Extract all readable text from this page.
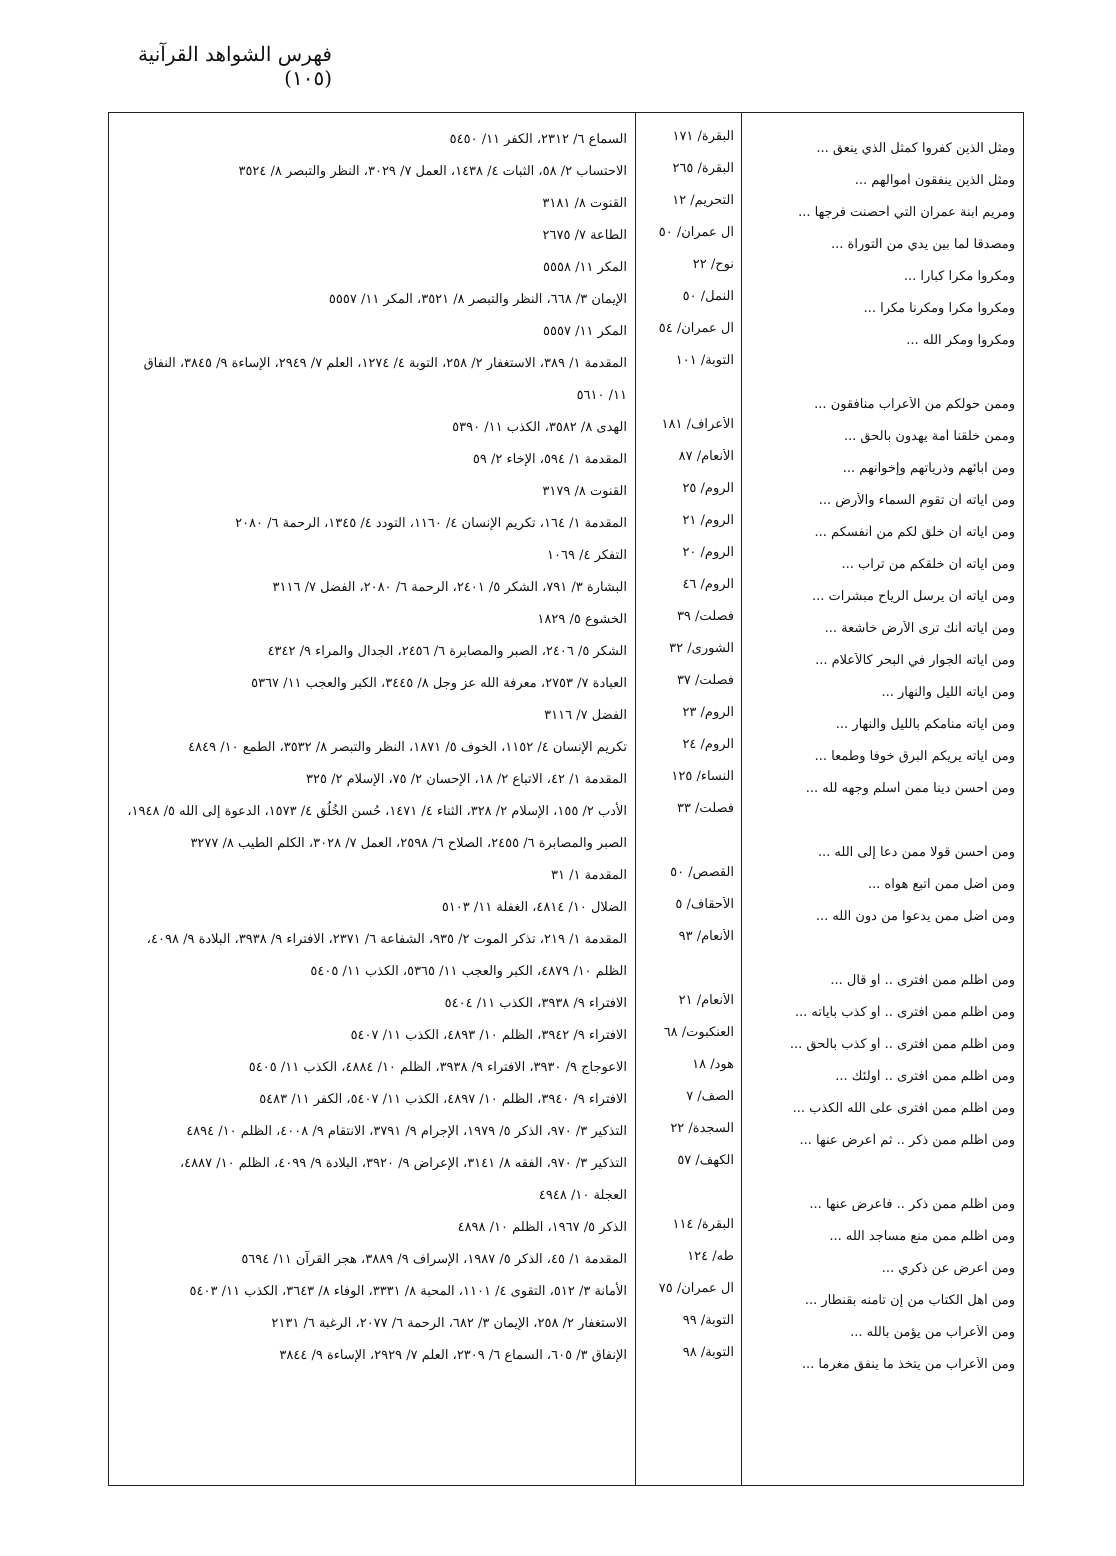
فهرس الشواهد القرآنية (١٠٥)
ومثل الذين كفروا كمثل الذي ينعق ...
البقرة/ ١٧١
السماع ٦/ ٢٣١٢، الكفر ١١/ ٥٤٥٠
ومثل الذين ينفقون أموالهم ...
البقرة/ ٢٦٥
الاحتساب ٢/ ٥٨، الثبات ٤/ ١٤٣٨، العمل ٧/ ٣٠٢٩، النظر والتبصر ٨/ ٣٥٢٤
ومريم ابنة عمران التي أحصنت فرجها ...
التحريم/ ١٢
القنوت ٨/ ٣١٨١
ومصدقا لما بين يدي من التوراة ...
آل عمران/ ٥٠
الطاعة ٧/ ٢٦٧٥
ومكروا مكرا كبارا ...
نوح/ ٢٢
المكر ١١/ ٥٥٥٨
ومكروا مكرا ومكرنا مكرا ...
النمل/ ٥٠
الإيمان ٣/ ٦٦٨، النظر والتبصر ٨/ ٣٥٢١، المكر ١١/ ٥٥٥٧
ومكروا ومكر الله ...
آل عمران/ ٥٤
المكر ١١/ ٥٥٥٧
وممن حولكم من الأعراب منافقون ...
التوبة/ ١٠١
المقدمة ١/ ٣٨٩، الاستغفار ٢/ ٢٥٨، التوبة ٤/ ١٢٧٤، العلم ٧/ ٢٩٤٩، الإساءة ٩/ ٣٨٤٥، النفاق
١١/ ٥٦١٠
وممن خلقنا أمة يهدون بالحق ...
الأعراف/ ١٨١
الهدى ٨/ ٣٥٨٢، الكذب ١١/ ٥٣٩٠
ومن آبائهم وذرياتهم وإخوانهم ...
الأنعام/ ٨٧
المقدمة ١/ ٥٩٤، الإخاء ٢/ ٥٩
ومن آياته أن تقوم السماء والأرض ...
الروم/ ٢٥
القنوت ٨/ ٣١٧٩
ومن آياته أن خلق لكم من أنفسكم ...
الروم/ ٢١
المقدمة ١/ ١٦٤، تكريم الإنسان ٤/ ١١٦٠، التودد ٤/ ١٣٤٥، الرحمة ٦/ ٢٠٨٠
ومن آياته أن خلقكم من تراب ...
الروم/ ٢٠
التفكر ٤/ ١٠٦٩
ومن آياته أن يرسل الرياح مبشرات ...
الروم/ ٤٦
البشارة ٣/ ٧٩١، الشكر ٥/ ٢٤٠١، الرحمة ٦/ ٢٠٨٠، الفضل ٧/ ٣١١٦
ومن آياته أنك ترى الأرض خاشعة ...
فصلت/ ٣٩
الخشوع ٥/ ١٨٢٩
ومن آياته الجوار في البحر كالأعلام ...
الشورى/ ٣٢
الشكر ٥/ ٢٤٠٦، الصبر والمصابرة ٦/ ٢٤٥٦، الجدال والمراء ٩/ ٤٣٤٢
ومن آياته الليل والنهار ...
فصلت/ ٣٧
العبادة ٧/ ٢٧٥٣، معرفة الله عز وجل ٨/ ٣٤٤٥، الكبر والعجب ١١/ ٥٣٦٧
ومن آياته منامكم بالليل والنهار ...
الروم/ ٢٣
الفضل ٧/ ٣١١٦
ومن آياته يريكم البرق خوفا وطمعا ...
الروم/ ٢٤
تكريم الإنسان ٤/ ١١٥٢، الخوف ٥/ ١٨٧١، النظر والتبصر ٨/ ٣٥٣٢، الطمع ١٠/ ٤٨٤٩
ومن أحسن دينا ممن أسلم وجهه لله ...
النساء/ ١٢٥
المقدمة ١/ ٤٢، الاتباع ٢/ ١٨، الإحسان ٢/ ٧٥، الإسلام ٢/ ٣٢٥
ومن أحسن قولا ممن دعا إلى الله ...
فصلت/ ٣٣
الأدب ٢/ ١٥٥، الإسلام ٢/ ٣٢٨، الثناء ٤/ ١٤٧١، حُسن الخُلُق ٤/ ١٥٧٣، الدعوة إلى الله ٥/ ١٩٤٨،
الصبر والمصابرة ٦/ ٢٤٥٥، الصلاح ٦/ ٢٥٩٨، العمل ٧/ ٣٠٢٨، الكلم الطيب ٨/ ٣٢٧٧
ومن أضل ممن اتبع هواه ...
القصص/ ٥٠
المقدمة ١/ ٣١
ومن أضل ممن يدعوا من دون الله ...
الأحقاف/ ٥
الضلال ١٠/ ٤٨١٤، الغفلة ١١/ ٥١٠٣
ومن أظلم ممن افترى .. أو قال ...
الأنعام/ ٩٣
المقدمة ١/ ٢١٩، تذكر الموت ٢/ ٩٣٥، الشفاعة ٦/ ٢٣٧١، الافتراء ٩/ ٣٩٣٨، البلادة ٩/ ٤٠٩٨،
الظلم ١٠/ ٤٨٧٩، الكبر والعجب ١١/ ٥٣٦٥، الكذب ١١/ ٥٤٠٥
ومن أظلم ممن افترى .. أو كذب بآياته ...
الأنعام/ ٢١
الافتراء ٩/ ٣٩٣٨، الكذب ١١/ ٥٤٠٤
ومن أظلم ممن افترى .. أو كذب بالحق ...
العنكبوت/ ٦٨
الافتراء ٩/ ٣٩٤٢، الظلم ١٠/ ٤٨٩٣، الكذب ١١/ ٥٤٠٧
ومن أظلم ممن افترى .. أولئك ...
هود/ ١٨
الاعوجاج ٩/ ٣٩٣٠، الافتراء ٩/ ٣٩٣٨، الظلم ١٠/ ٤٨٨٤، الكذب ١١/ ٥٤٠٥
ومن أظلم ممن افترى على الله الكذب ...
الصف/ ٧
الافتراء ٩/ ٣٩٤٠، الظلم ١٠/ ٤٨٩٧، الكذب ١١/ ٥٤٠٧، الكفر ١١/ ٥٤٨٣
ومن أظلم ممن ذكر .. ثم أعرض عنها ...
السجدة/ ٢٢
التذكير ٣/ ٩٧٠، الذكر ٥/ ١٩٧٩، الإجرام ٩/ ٣٧٩١، الانتقام ٩/ ٤٠٠٨، الظلم ١٠/ ٤٨٩٤
ومن أظلم ممن ذكر .. فأعرض عنها ...
الكهف/ ٥٧
التذكير ٣/ ٩٧٠، الفقه ٨/ ٣١٤١، الإعراض ٩/ ٣٩٢٠، البلادة ٩/ ٤٠٩٩، الظلم ١٠/ ٤٨٨٧،
العجلة ١٠/ ٤٩٤٨
ومن أظلم ممن منع مساجد الله ...
البقرة/ ١١٤
الذكر ٥/ ١٩٦٧، الظلم ١٠/ ٤٨٩٨
ومن أعرض عن ذكري ...
طه/ ١٢٤
المقدمة ١/ ٤٥، الذكر ٥/ ١٩٨٧، الإسراف ٩/ ٣٨٨٩، هجر القرآن ١١/ ٥٦٩٤
ومن أهل الكتاب من إن تأمنه بقنطار ...
آل عمران/ ٧٥
الأمانة ٣/ ٥١٢، التقوى ٤/ ١١٠١، المحبة ٨/ ٣٣٣١، الوفاء ٨/ ٣٦٤٣، الكذب ١١/ ٥٤٠٣
ومن الأعراب من يؤمن بالله ...
التوبة/ ٩٩
الاستغفار ٢/ ٢٥٨، الإيمان ٣/ ٦٨٢، الرحمة ٦/ ٢٠٧٧، الرغبة ٦/ ٢١٣١
ومن الأعراب من يتخذ ما ينفق مغرما ...
التوبة/ ٩٨
الإنفاق ٣/ ٦٠٥، السماع ٦/ ٢٣٠٩، العلم ٧/ ٢٩٢٩، الإساءة ٩/ ٣٨٤٤
